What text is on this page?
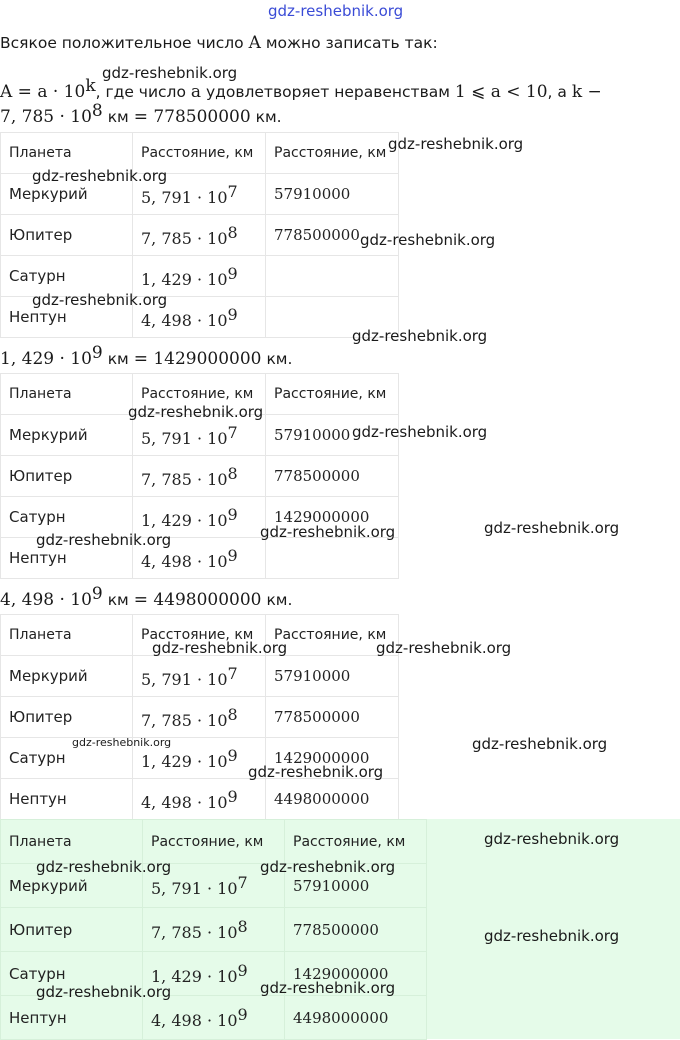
gdz-reshebnik.org
Всякое положительное число A можно записать так:
$A = a \cdot 10^k$, где число a удовлетворяет неравенствам 1 ⩽ a < 10, а k −
7, $785 \cdot 10^8$ км = 778500000 км.
Планета	Расстояние, км	Расстояние, км
Меркурий	5, $791 \cdot 10^7$	57910000
Юпитер	7, $785 \cdot 10^8$	778500000
Сатурн	1, $429 \cdot 10^9$	
Нептун	4, $498 \cdot 10^9$	
1, $429 \cdot 10^9$ км = 1429000000 км.
Планета	Расстояние, км	Расстояние, км
Меркурий	5, $791 \cdot 10^7$	57910000
Юпитер	7, $785 \cdot 10^8$	778500000
Сатурн	1, $429 \cdot 10^9$	1429000000
Нептун	4, $498 \cdot 10^9$	
4, $498 \cdot 10^9$ км = 4498000000 км.
Планета	Расстояние, км	Расстояние, км
Меркурий	5, $791 \cdot 10^7$	57910000
Юпитер	7, $785 \cdot 10^8$	778500000
Сатурн	1, $429 \cdot 10^9$	1429000000
Нептун	4, $498 \cdot 10^9$	4498000000
Планета	Расстояние, км	Расстояние, км
Меркурий	5, $791 \cdot 10^7$	57910000
Юпитер	7, $785 \cdot 10^8$	778500000
Сатурн	1, $429 \cdot 10^9$	1429000000
Нептун	4, $498 \cdot 10^9$	4498000000
gdz-reshebnik.org
gdz-reshebnik.org
gdz-reshebnik.org
gdz-reshebnik.org
gdz-reshebnik.org
gdz-reshebnik.org
gdz-reshebnik.org
gdz-reshebnik.org
gdz-reshebnik.org
gdz-reshebnik.org
gdz-reshebnik.org
gdz-reshebnik.org	gdz-reshebnik.org
gdz-reshebnik.org	gdz-reshebnik.org
gdz-reshebnik.org
gdz-reshebnik.org
gdz-reshebnik.org	gdz-reshebnik.org
gdz-reshebnik.org
gdz-reshebnik.org	gdz-reshebnik.org
